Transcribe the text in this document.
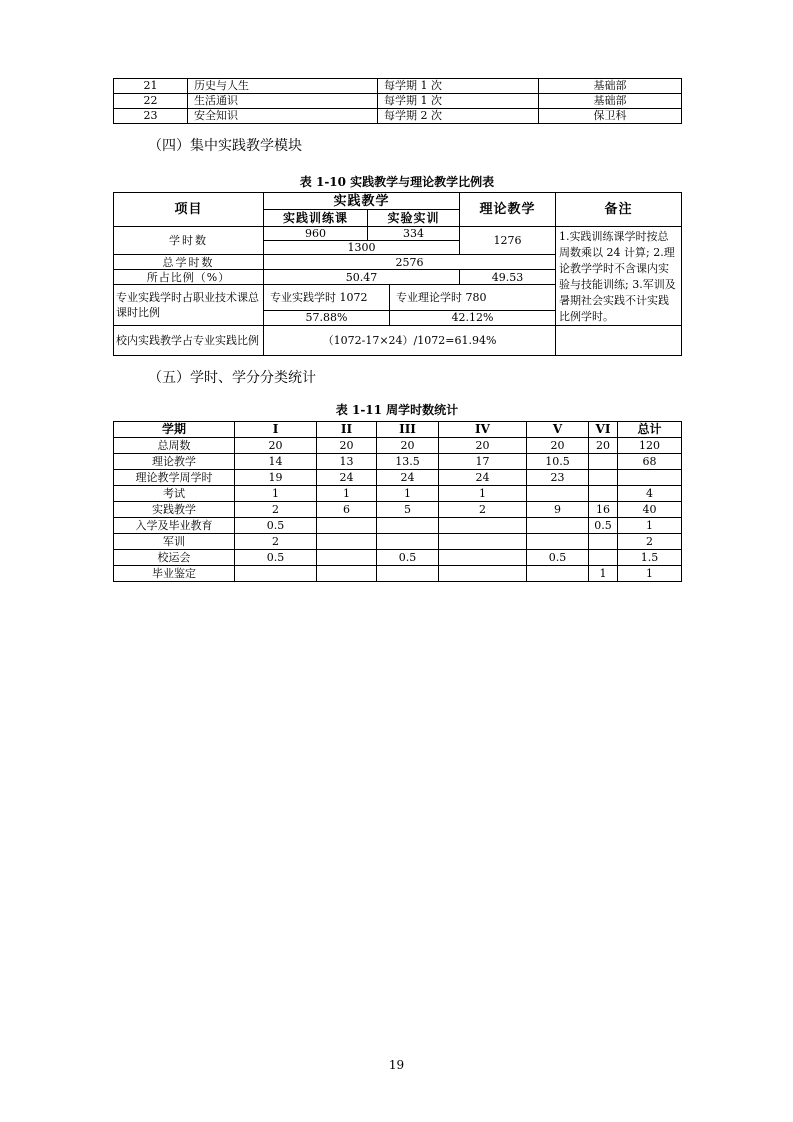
21	历史与人生	每学期 1 次	基础部
22	生活通识	每学期 1 次	基础部
23	安全知识	每学期 2 次	保卫科
（四）集中实践教学模块
表 1-10 实践教学与理论教学比例表
项目	实践教学			理论教学	备注
	实践训练课	实验实训			
学时数	960	334		1276	1.实践训练课学时按总周数乘以 24 计算; 2.理论教学学时不含课内实验与技能训练; 3.军训及暑期社会实践不计实践比例学时。
	1300				
总学时数	2576				
所占比例（%）	50.47			49.53	
专业实践学时占职业技术课总课时比例	专业实践学时 1072		专业理论学时 780		
	57.88%		42.12%		
校内实践教学占专业实践比例	（1072-17×24）/1072=61.94%				
（五）学时、学分分类统计
表 1-11 周学时数统计
学期	I	II	III	IV	V	VI	总计
总周数	20	20	20	20	20	20	120
理论教学	14	13	13.5	17	10.5		68
理论教学周学时	19	24	24	24	23		
考试	1	1	1	1			4
实践教学	2	6	5	2	9	16	40
入学及毕业教育	0.5					0.5	1
军训	2						2
校运会	0.5		0.5		0.5		1.5
毕业鉴定						1	1
19
